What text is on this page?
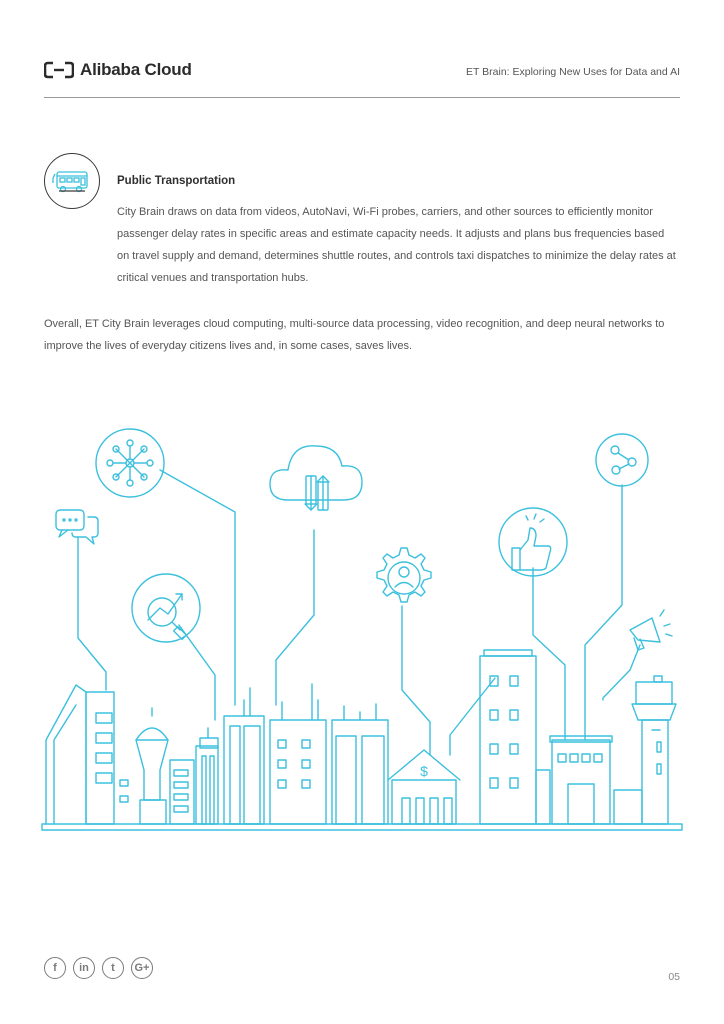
Alibaba Cloud	ET Brain: Exploring New Uses for Data and AI
Public Transportation
City Brain draws on data from videos, AutoNavi, Wi-Fi probes, carriers, and other sources to efficiently monitor passenger delay rates in specific areas and estimate capacity needs. It adjusts and plans bus frequencies based on travel supply and demand, determines shuttle routes, and controls taxi dispatches to minimize the delay rates at critical venues and transportation hubs.
Overall, ET City Brain leverages cloud computing, multi-source data processing, video recognition, and deep neural networks to improve the lives of everyday citizens lives and, in some cases, saves lives.
$
f	in	t	G+
05
